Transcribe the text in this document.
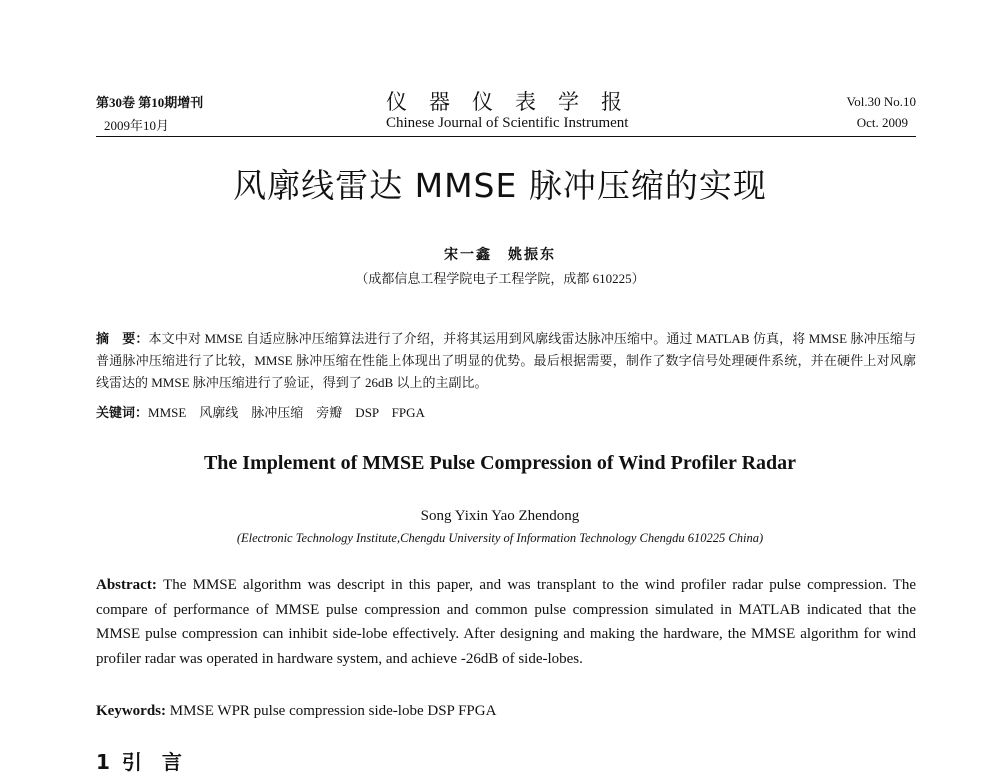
第30卷 第10期增刊
2009年10月
仪器仪表学报
Chinese Journal of Scientific Instrument
Vol.30 No.10
Oct. 2009
风廓线雷达 MMSE 脉冲压缩的实现
宋一鑫　姚振东
（成都信息工程学院电子工程学院，成都 610225）
摘　要：本文中对 MMSE 自适应脉冲压缩算法进行了介绍，并将其运用到风廓线雷达脉冲压缩中。通过 MATLAB 仿真，将 MMSE 脉冲压缩与普通脉冲压缩进行了比较，MMSE 脉冲压缩在性能上体现出了明显的优势。最后根据需要，制作了数字信号处理硬件系统，并在硬件上对风廓线雷达的 MMSE 脉冲压缩进行了验证，得到了 26dB 以上的主副比。
关键词：MMSE　风廓线　脉冲压缩　旁瓣　DSP　FPGA
The Implement of MMSE Pulse Compression of Wind Profiler Radar
Song Yixin Yao Zhendong
(Electronic Technology Institute,Chengdu University of Information Technology Chengdu 610225 China)
Abstract: The MMSE algorithm was descript in this paper, and was transplant to the wind profiler radar pulse compression. The compare of performance of MMSE pulse compression and common pulse compression simulated in MATLAB indicated that the MMSE pulse compression can inhibit side-lobe effectively. After designing and making the hardware, the MMSE algorithm for wind profiler radar was operated in hardware system, and achieve -26dB of side-lobes.
Keywords: MMSE WPR pulse compression side-lobe DSP FPGA
1 引　言
